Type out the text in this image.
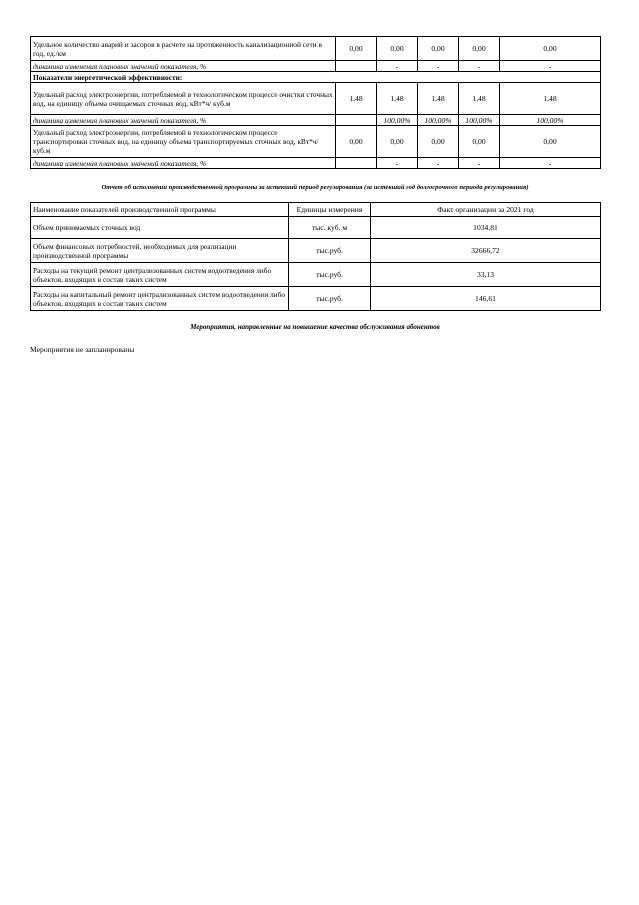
Удельное количество аварий и засоров в расчете на протяженность канализационной сети в год, ед./км	0,00	0,00	0,00	0,00	0,00
динамика изменения плановых значений показателя, %		-	-	-	-
Показатели энергетической эффективности:					
Удельный расход электроэнергии, потребляемой в технологическом процессе очистки сточных вод, на единицу объема очищаемых сточных вод, кВт*ч/ куб.м	1,48	1,48	1,48	1,48	1,48
динамика изменения плановых значений показателя, %		100,00%	100,00%	100,00%	100,00%
Удельный расход электроэнергии, потребляемой в технологическом процессе транспортировки сточных вод, на единицу объема транспортируемых сточных вод, кВт*ч/ куб.м	0,00	0,00	0,00	0,00	0,00
динамика изменения плановых значений показателя, %		-	-	-	-
Отчет об исполнении производственной программы за истекший период регулирования (за истекший год долгосрочного периода регулирования)
Наименование показателей производственной программы	Единицы измерения	Факт организации за 2021 год
Объем принимаемых сточных вод	тыс. куб. м	1034,81
Объем финансовых потребностей, необходимых для реализации производственной программы	тыс.руб.	32666,72
Расходы на текущий ремонт централизованных систем водоотведения либо объектов, входящих в состав таких систем	тыс.руб.	33,13
Расходы на капитальный ремонт централизованных систем водоотведения либо объектов, входящих в состав таких систем	тыс.руб.	146,61
Мероприятия, направленные на повышение качества обслуживания абонентов
Мероприятия не запланированы
